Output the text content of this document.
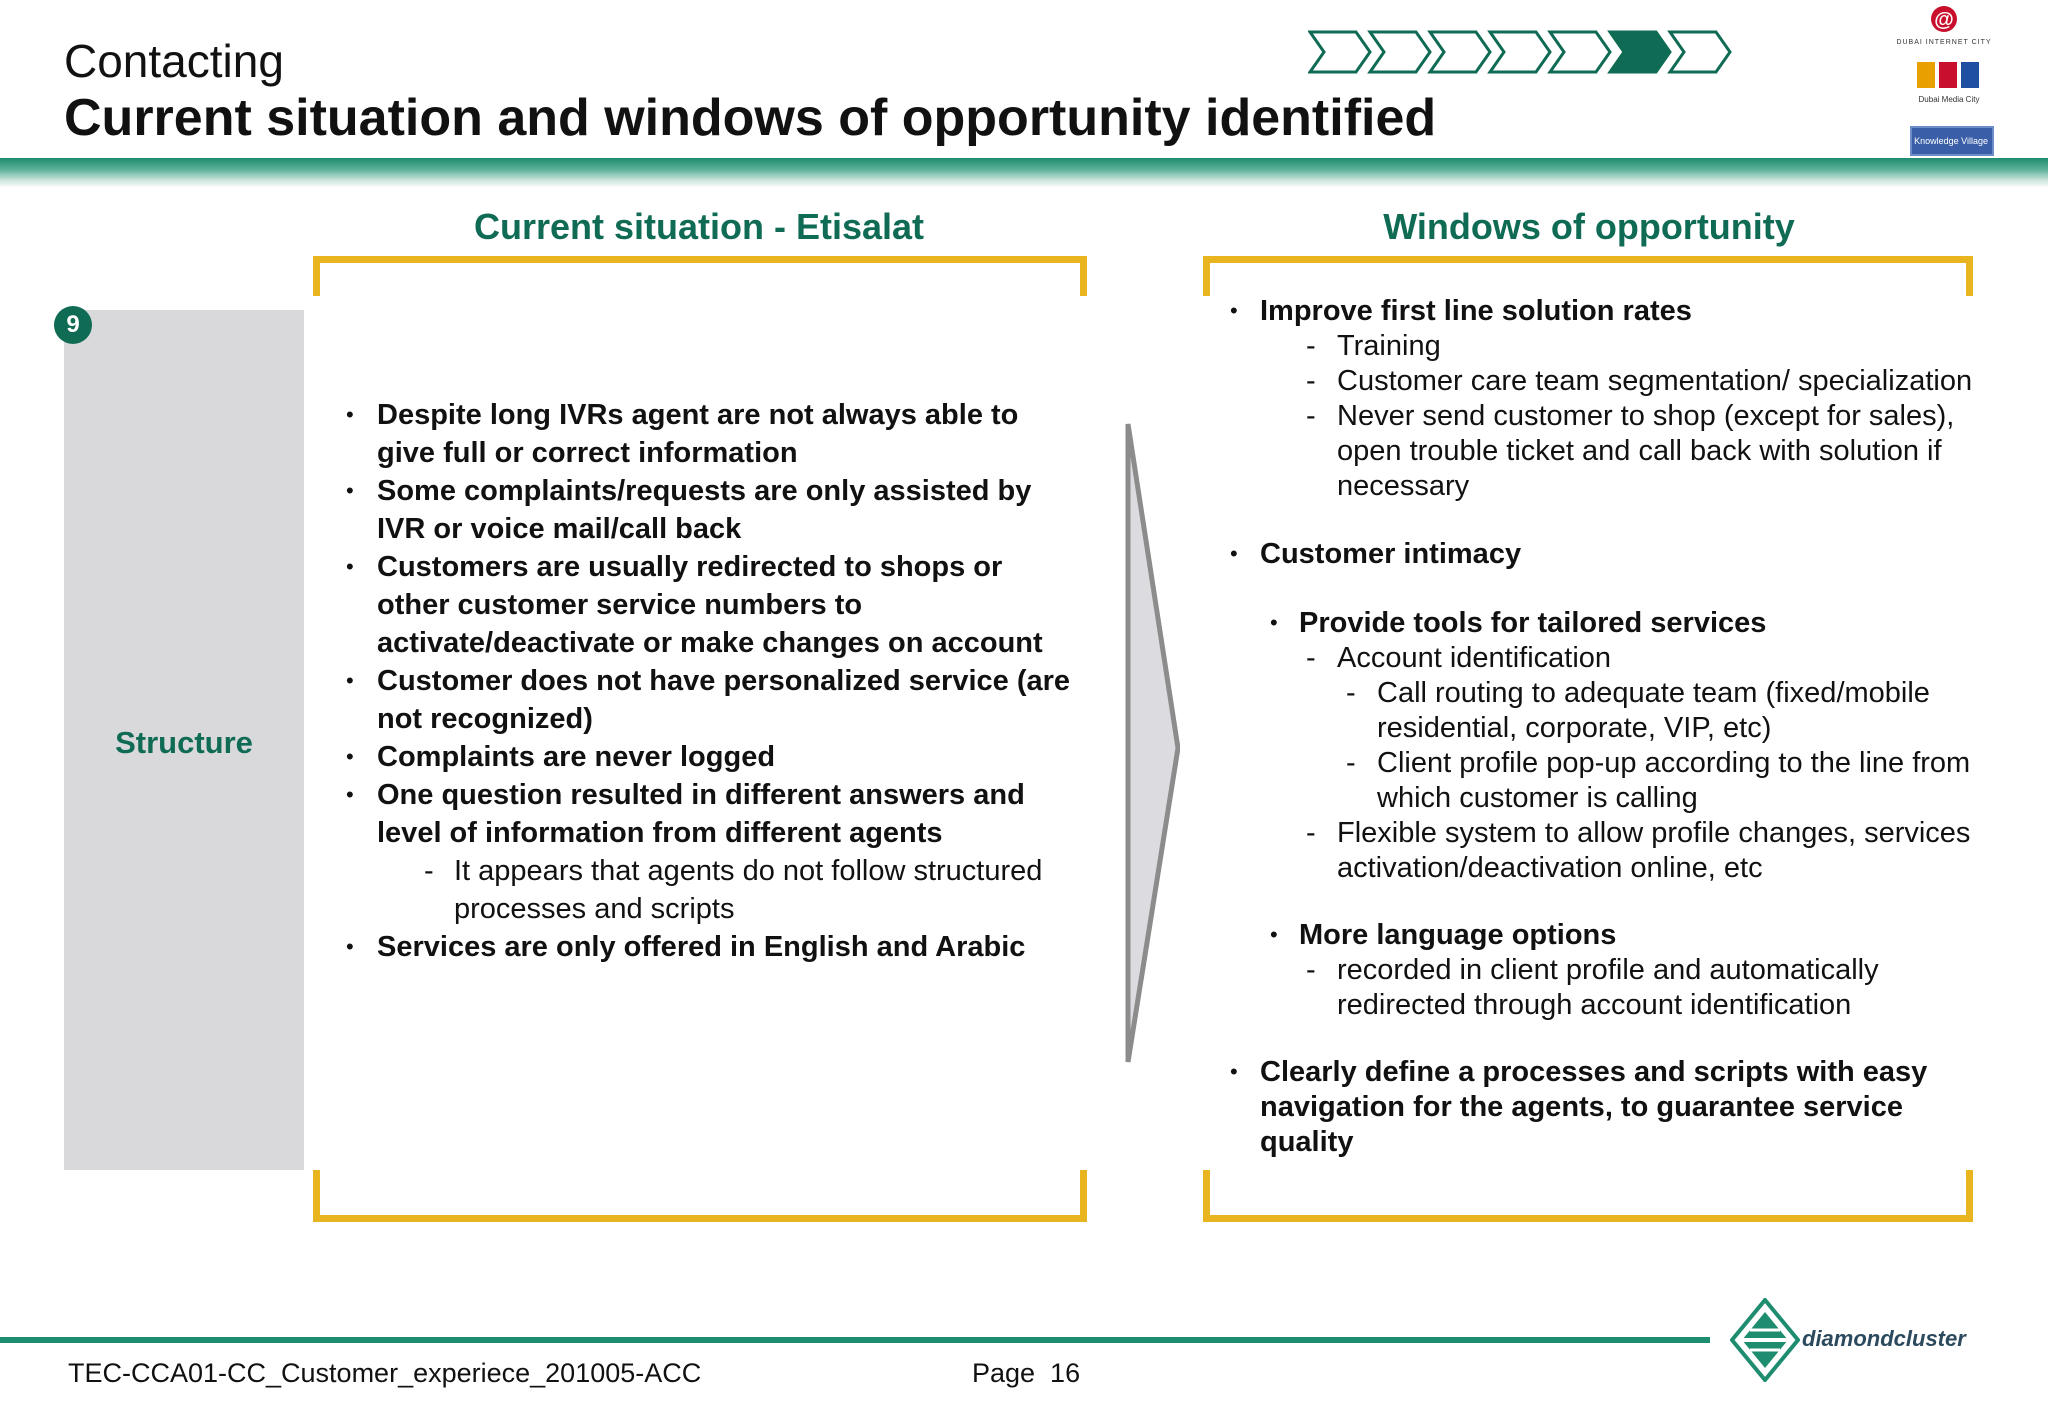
Contacting
Current situation and windows of opportunity identified
@
DUBAI INTERNET CITY
Dubai Media City
Knowledge Village
Current situation - Etisalat	Windows of opportunity
9
Structure
• Despite long IVRs agent are not always able to
give full or correct information
• Some complaints/requests are only assisted by
IVR or voice mail/call back
• Customers are usually redirected to shops or
other customer service numbers to
activate/deactivate or make changes on account
• Customer does not have personalized service (are
not recognized)
• Complaints are never logged
• One question resulted in different answers and
level of information from different agents
- It appears that agents do not follow structured
processes and scripts
• Services are only offered in English and Arabic
• Improve first line solution rates
- Training
- Customer care team segmentation/ specialization
- Never send customer to shop (except for sales),
open trouble ticket and call back with solution if
necessary
• Customer intimacy
• Provide tools for tailored services
- Account identification
- Call routing to adequate team (fixed/mobile
residential, corporate, VIP, etc)
- Client profile pop-up according to the line from
which customer is calling
- Flexible system to allow profile changes, services
activation/deactivation online, etc
• More language options
- recorded in client profile and automatically
redirected through account identification
• Clearly define a processes and scripts with easy
navigation for the agents, to guarantee service
quality
TEC-CCA01-CC_Customer_experiece_201005-ACC	Page  16
diamondcluster
